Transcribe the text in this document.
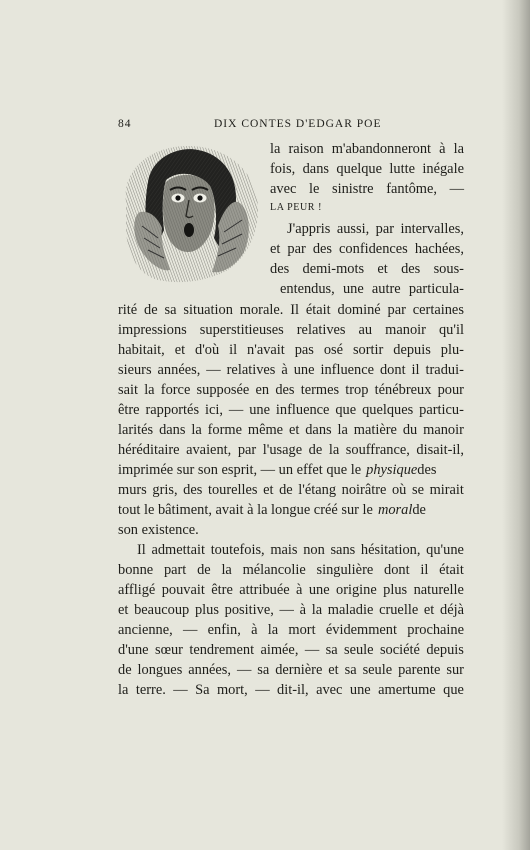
84	DIX CONTES D'EDGAR POE
la raison m'abandonneront à la
fois, dans quelque lutte inégale
avec le sinistre fantôme, —
LA PEUR !
J'appris aussi, par intervalles,
et par des confidences hachées,
des demi-mots et des sous-
entendus, une autre particula-
rité de sa situation morale. Il était dominé par certaines
impressions superstitieuses relatives au manoir qu'il
habitait, et d'où il n'avait pas osé sortir depuis plu-
sieurs années, — relatives à une influence dont il tradui-
sait la force supposée en des termes trop ténébreux pour
être rapportés ici, — une influence que quelques particu-
larités dans la forme même et dans la matière du manoir
héréditaire avaient, par l'usage de la souffrance, disait-il,
imprimée sur son esprit, — un effet que le physique des
murs gris, des tourelles et de l'étang noirâtre où se mirait
tout le bâtiment, avait à la longue créé sur le moral de
son existence.
Il admettait toutefois, mais non sans hésitation, qu'une
bonne part de la mélancolie singulière dont il était
affligé pouvait être attribuée à une origine plus naturelle
et beaucoup plus positive, — à la maladie cruelle et déjà
ancienne, — enfin, à la mort évidemment prochaine
d'une sœur tendrement aimée, — sa seule société depuis
de longues années, — sa dernière et sa seule parente sur
la terre. — Sa mort, — dit-il, avec une amertume que
